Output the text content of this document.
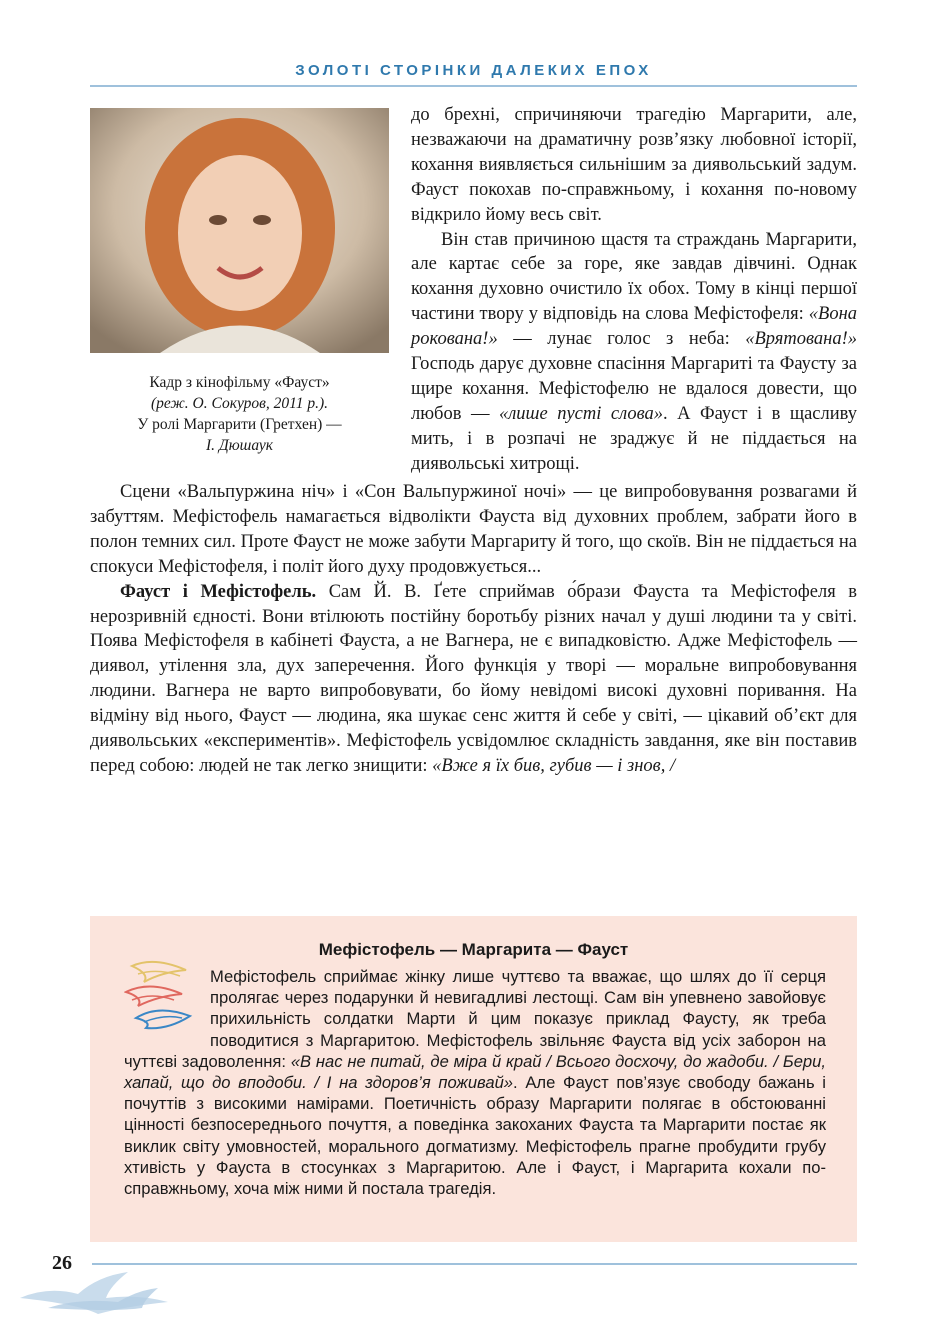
ЗОЛОТІ СТОРІНКИ ДАЛЕКИХ ЕПОХ
Кадр з кінофільму «Фауст»
(реж. О. Сокуров, 2011 р.).
У ролі Маргарити (Гретхен) —
І. Дюшаук

до брехні, спричиняючи трагедію Маргарити, але, незважаючи на драматичну розв’язку любовної історії, кохання виявляється сильнішим за диявольський задум. Фауст покохав по-справжньому, і кохання по-новому відкрило йому весь світ.

Він став причиною щастя та страждань Маргарити, але картає себе за горе, яке завдав дівчині. Однак кохання духовно очистило їх обох. Тому в кінці першої частини твору у відповідь на слова Мефістофеля: «Вона рокована!» — лунає голос з неба: «Врятована!» Господь дарує духовне спасіння Маргариті та Фаусту за щире кохання. Мефістофелю не вдалося довести, що любов — «лише пусті слова». А Фауст і в щасливу мить, і в розпачі не зраджує й не піддається на диявольські хитрощі.

Сцени «Вальпуржина ніч» і «Сон Вальпуржиної ночі» — це випробовування розвагами й забуттям. Мефістофель намагається відволікти Фауста від духовних проблем, забрати його в полон темних сил. Проте Фауст не може забути Маргариту й того, що скоїв. Він не піддається на спокуси Мефістофеля, і політ його духу продовжується...

Фауст і Мефістофель. Сам Й. В. Ґете сприймав о́брази Фауста та Мефістофеля в нерозривній єдності. Вони втілюють постійну боротьбу різних начал у душі людини та у світі. Поява Мефістофеля в кабінеті Фауста, а не Вагнера, не є випадковістю. Адже Мефістофель — диявол, утілення зла, дух заперечення. Його функція у творі — моральне випробовування людини. Вагнера не варто випробовувати, бо йому невідомі високі духовні поривання. На відміну від нього, Фауст — людина, яка шукає сенс життя й себе у світі, — цікавий об’єкт для диявольських «експериментів». Мефістофель усвідомлює складність завдання, яке він поставив перед собою: людей не так легко знищити: «Вже я їх бив, губив — і знов, /

Мефістофель — Маргарита — Фауст
Мефістофель сприймає жінку лише чуттєво та вважає, що шлях до її серця пролягає через подарунки й невигадливі лестощі. Сам він упевнено завойовує прихильність солдатки Марти й цим показує приклад Фаусту, як треба поводитися з Маргаритою. Мефістофель звільняє Фауста від усіх заборон на чуттєві задоволення: «В нас не питай, де міра й край / Всього досхочу, до жадоби. / Бери, хапай, що до вподоби. / І на здоров’я поживай». Але Фауст пов’язує свободу бажань і почуттів з високими намірами. Поетичність образу Маргарити полягає в обстоюванні цінності безпосереднього почуття, а поведінка закоханих Фауста та Маргарити постає як виклик світу умовностей, морального догматизму. Мефістофель прагне пробудити грубу хтивість у Фауста в стосунках з Маргаритою. Але і Фауст, і Маргарита кохали по-справжньому, хоча між ними й постала трагедія.
26
